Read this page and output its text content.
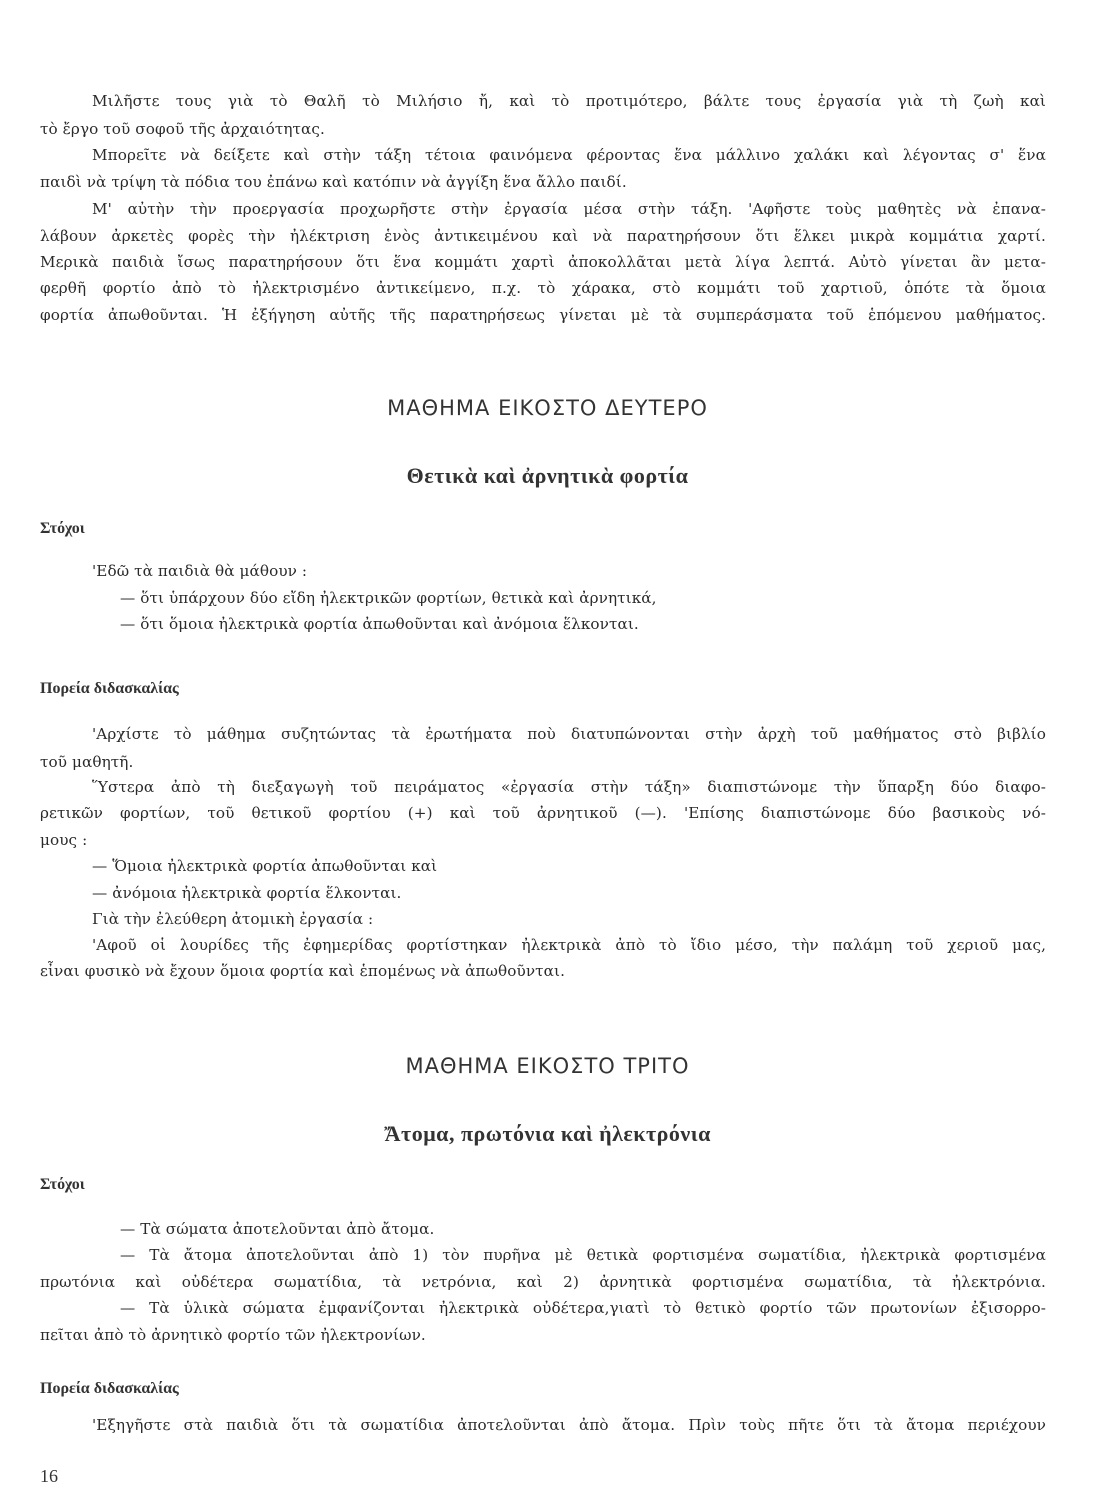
Μιλῆστε τους γιὰ τὸ Θαλῆ τὸ Μιλήσιο ἤ, καὶ τὸ προτιμότερο, βάλτε τους ἐργασία γιὰ τὴ ζωὴ καὶ
τὸ ἔργο τοῦ σοφοῦ τῆς ἀρχαιότητας.
Μπορεῖτε νὰ δείξετε καὶ στὴν τάξη τέτοια φαινόμενα φέροντας ἕνα μάλλινο χαλάκι καὶ λέγοντας σ' ἕνα
παιδὶ νὰ τρίψη τὰ πόδια του ἐπάνω καὶ κατόπιν νὰ ἀγγίξη ἕνα ἄλλο παιδί.
Μ' αὐτὴν τὴν προεργασία προχωρῆστε στὴν ἐργασία μέσα στὴν τάξη. 'Αφῆστε τοὺς μαθητὲς νὰ ἐπανα-
λάβουν ἀρκετὲς φορὲς τὴν ἠλέκτριση ἑνὸς ἀντικειμένου καὶ νὰ παρατηρήσουν ὅτι ἕλκει μικρὰ κομμάτια χαρτί.
Μερικὰ παιδιὰ ἴσως παρατηρήσουν ὅτι ἕνα κομμάτι χαρτὶ ἀποκολλᾶται μετὰ λίγα λεπτά. Αὐτὸ γίνεται ἂν μετα-
φερθῆ φορτίο ἀπὸ τὸ ἠλεκτρισμένο ἀντικείμενο, π.χ. τὸ χάρακα, στὸ κομμάτι τοῦ χαρτιοῦ, ὁπότε τὰ ὅμοια
φορτία ἀπωθοῦνται. Ἡ ἐξήγηση αὐτῆς τῆς παρατηρήσεως γίνεται μὲ τὰ συμπεράσματα τοῦ ἑπόμενου μαθήματος.
ΜΑΘΗΜΑ ΕΙΚΟΣΤΟ ΔΕΥΤΕΡΟ
Θετικὰ καὶ ἀρνητικὰ φορτία
Στόχοι
'Εδῶ τὰ παιδιὰ θὰ μάθουν :
— ὅτι ὑπάρχουν δύο εἴδη ἠλεκτρικῶν φορτίων, θετικὰ καὶ ἀρνητικά,
— ὅτι ὅμοια ἠλεκτρικὰ φορτία ἀπωθοῦνται καὶ ἀνόμοια ἕλκονται.
Πορεία διδασκαλίας
'Αρχίστε τὸ μάθημα συζητώντας τὰ ἐρωτήματα ποὺ διατυπώνονται στὴν ἀρχὴ τοῦ μαθήματος στὸ βιβλίο
τοῦ μαθητῆ.
Ὕστερα ἀπὸ τὴ διεξαγωγὴ τοῦ πειράματος «ἐργασία στὴν τάξη» διαπιστώνομε τὴν ὕπαρξη δύο διαφο-
ρετικῶν φορτίων, τοῦ θετικοῦ φορτίου (+) καὶ τοῦ ἀρνητικοῦ (—). 'Επίσης διαπιστώνομε δύο βασικοὺς νό-
μους :
— Ὅμοια ἠλεκτρικὰ φορτία ἀπωθοῦνται καὶ
— ἀνόμοια ἠλεκτρικὰ φορτία ἕλκονται.
Γιὰ τὴν ἐλεύθερη ἀτομικὴ ἐργασία :
'Αφοῦ οἱ λουρίδες τῆς ἐφημερίδας φορτίστηκαν ἠλεκτρικὰ ἀπὸ τὸ ἴδιο μέσο, τὴν παλάμη τοῦ χεριοῦ μας,
εἶναι φυσικὸ νὰ ἔχουν ὅμοια φορτία καὶ ἑπομένως νὰ ἀπωθοῦνται.
ΜΑΘΗΜΑ ΕΙΚΟΣΤΟ ΤΡΙΤΟ
Ἄτομα, πρωτόνια καὶ ἠλεκτρόνια
Στόχοι
— Τὰ σώματα ἀποτελοῦνται ἀπὸ ἄτομα.
— Τὰ ἄτομα ἀποτελοῦνται ἀπὸ 1) τὸν πυρῆνα μὲ θετικὰ φορτισμένα σωματίδια, ἠλεκτρικὰ φορτισμένα
πρωτόνια καὶ οὐδέτερα σωματίδια, τὰ νετρόνια, καὶ 2) ἀρνητικὰ φορτισμένα σωματίδια, τὰ ἠλεκτρόνια.
— Τὰ ὑλικὰ σώματα ἐμφανίζονται ἠλεκτρικὰ οὐδέτερα,γιατὶ τὸ θετικὸ φορτίο τῶν πρωτονίων ἐξισορρο-
πεῖται ἀπὸ τὸ ἀρνητικὸ φορτίο τῶν ἠλεκτρονίων.
Πορεία διδασκαλίας
'Εξηγῆστε στὰ παιδιὰ ὅτι τὰ σωματίδια ἀποτελοῦνται ἀπὸ ἄτομα. Πρὶν τοὺς πῆτε ὅτι τὰ ἄτομα περιέχουν
16
